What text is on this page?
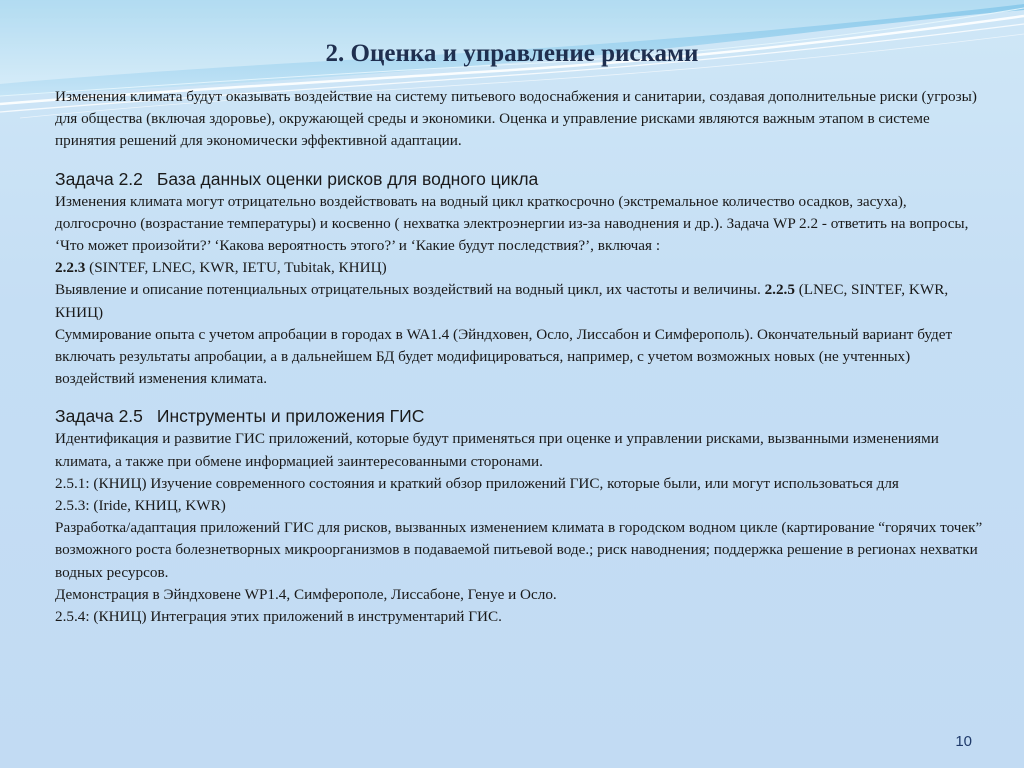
2. Оценка и управление рисками

Изменения климата будут оказывать воздействие на систему питьевого водоснабжения и санитарии, создавая дополнительные риски (угрозы) для общества (включая здоровье), окружающей среды и экономики. Оценка и управление рисками являются важным этапом в системе принятия решений для экономически эффективной адаптации.

Задача 2.2 База данных оценки рисков для водного цикла

Изменения климата могут отрицательно воздействовать на водный цикл краткосрочно (экстремальное количество осадков, засуха), долгосрочно (возрастание температуры) и косвенно ( нехватка электроэнергии из-за наводнения и др.). Задача WP 2.2 - ответить на вопросы, ‘Что может произойти?’ ‘Какова вероятность этого?’ и ‘Какие будут последствия?’, включая :

2.2.3 (SINTEF, LNEC, KWR, IETU, Tubitak, КНИЦ)

Выявление и описание потенциальных отрицательных воздействий на водный цикл, их частоты и величины. 2.2.5 (LNEC, SINTEF, KWR, КНИЦ)

Суммирование опыта с учетом апробации в городах в WA1.4 (Эйндховен, Осло, Лиссабон и Симферополь). Окончательный вариант будет включать результаты апробации, а в дальнейшем БД будет модифицироваться, например, с учетом возможных новых (не учтенных) воздействий изменения климата.

Задача 2.5 Инструменты и приложения ГИС

Идентификация и развитие ГИС приложений, которые будут применяться при оценке и управлении рисками, вызванными изменениями климата, а также при обмене информацией заинтересованными сторонами.

2.5.1: (КНИЦ) Изучение современного состояния и краткий обзор приложений ГИС, которые были, или могут использоваться для

2.5.3: (Iride, КНИЦ, KWR)

Разработка/адаптация приложений ГИС для рисков, вызванных изменением климата в городском водном цикле (картирование “горячих точек” возможного роста болезнетворных микроорганизмов в подаваемой питьевой воде.; риск наводнения; поддержка решение в регионах нехватки водных ресурсов.

Демонстрация в Эйндховене WP1.4, Симферополе, Лиссабоне, Генуе и Осло.

2.5.4: (КНИЦ) Интеграция этих приложений в инструментарий ГИС.

10
